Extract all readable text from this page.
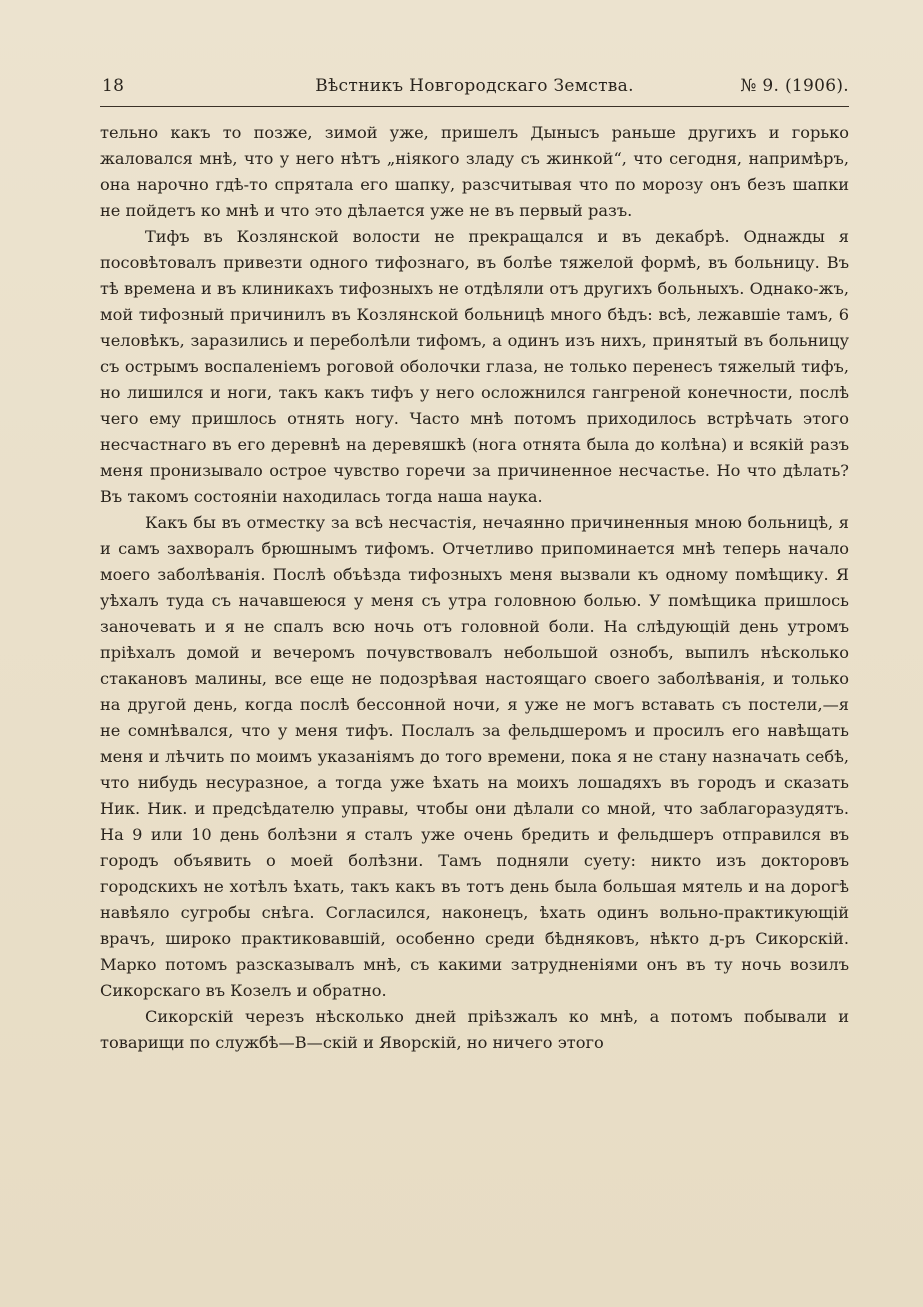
18	Вѣстникъ Новгородскаго Земства.	№ 9. (1906).

тельно какъ то позже, зимой уже, пришелъ Дыныcъ раньше другихъ и горько жаловался мнѣ, что у него нѣтъ „ніякого зладу съ жинкой“, что сегодня, напримѣръ, она нарочно гдѣ-то спрятала его шапку, разсчитывая что по морозу онъ безъ шапки не пойдетъ ко мнѣ и что это дѣлается уже не въ первый разъ.

Тифъ въ Козлянской волости не прекращался и въ декабрѣ. Однажды я посовѣтовалъ привезти одного тифознаго, въ болѣе тяжелой формѣ, въ больницу. Въ тѣ времена и въ клиникахъ тифозныхъ не отдѣляли отъ другихъ больныхъ. Однако-жъ, мой тифозный причинилъ въ Козлянской больницѣ много бѣдъ: всѣ, лежавшіе тамъ, 6 человѣкъ, заразились и переболѣли тифомъ, а одинъ изъ нихъ, принятый въ больницу съ острымъ воспаленіемъ роговой оболочки глаза, не только перенесъ тяжелый тифъ, но лишился и ноги, такъ какъ тифъ у него осложнился гангреной конечности, послѣ чего ему пришлось отнять ногу. Часто мнѣ потомъ приходилось встрѣчать этого несчастнаго въ его деревнѣ на деревяшкѣ (нога отнята была до колѣна) и всякій разъ меня пронизывало острое чувство горечи за причиненное несчастье. Но что дѣлать? Въ такомъ состояніи находилась тогда наша наука.

Какъ бы въ отместку за всѣ несчастія, нечаянно причиненныя мною больницѣ, я и самъ захворалъ брюшнымъ тифомъ. Отчетливо припоминается мнѣ теперь начало моего заболѣванія. Послѣ объѣзда тифозныхъ меня вызвали къ одному помѣщику. Я уѣхалъ туда съ начавшеюся у меня съ утра головною болью. У помѣщика пришлось заночевать и я не спалъ всю ночь отъ головной боли. На слѣдующій день утромъ пріѣхалъ домой и вечеромъ почувствовалъ небольшой ознобъ, выпилъ нѣсколько стакановъ малины, все еще не подозрѣвая настоящаго своего заболѣванія, и только на другой день, когда послѣ бессонной ночи, я уже не могъ вставать съ постели,—я не сомнѣвался, что у меня тифъ. Послалъ за фельдшеромъ и просилъ его навѣщать меня и лѣчить по моимъ указаніямъ до того времени, пока я не стану назначать себѣ, что нибудь несуразное, а тогда уже ѣхать на моихъ лошадяхъ въ городъ и сказать Ник. Ник. и предсѣдателю управы, чтобы они дѣлали со мной, что заблагоразудятъ. На 9 или 10 день болѣзни я сталъ уже очень бредить и фельдшеръ отправился въ городъ объявить о моей болѣзни. Тамъ подняли суету: никто изъ докторовъ городскихъ не хотѣлъ ѣхать, такъ какъ въ тотъ день была большая мятель и на дорогѣ навѣяло сугробы снѣга. Согласился, наконецъ, ѣхать одинъ вольно-практикующій врачъ, широко практиковавшій, особенно среди бѣдняковъ, нѣкто д-ръ Сикорскій. Марко потомъ разсказывалъ мнѣ, съ какими затрудненіями онъ въ ту ночь возилъ Сикорскаго въ Козелъ и обратно.

Сикорскій черезъ нѣсколько дней пріѣзжалъ ко мнѣ, а потомъ побывали и товарищи по службѣ—В—скій и Яворскій, но ничего этого
